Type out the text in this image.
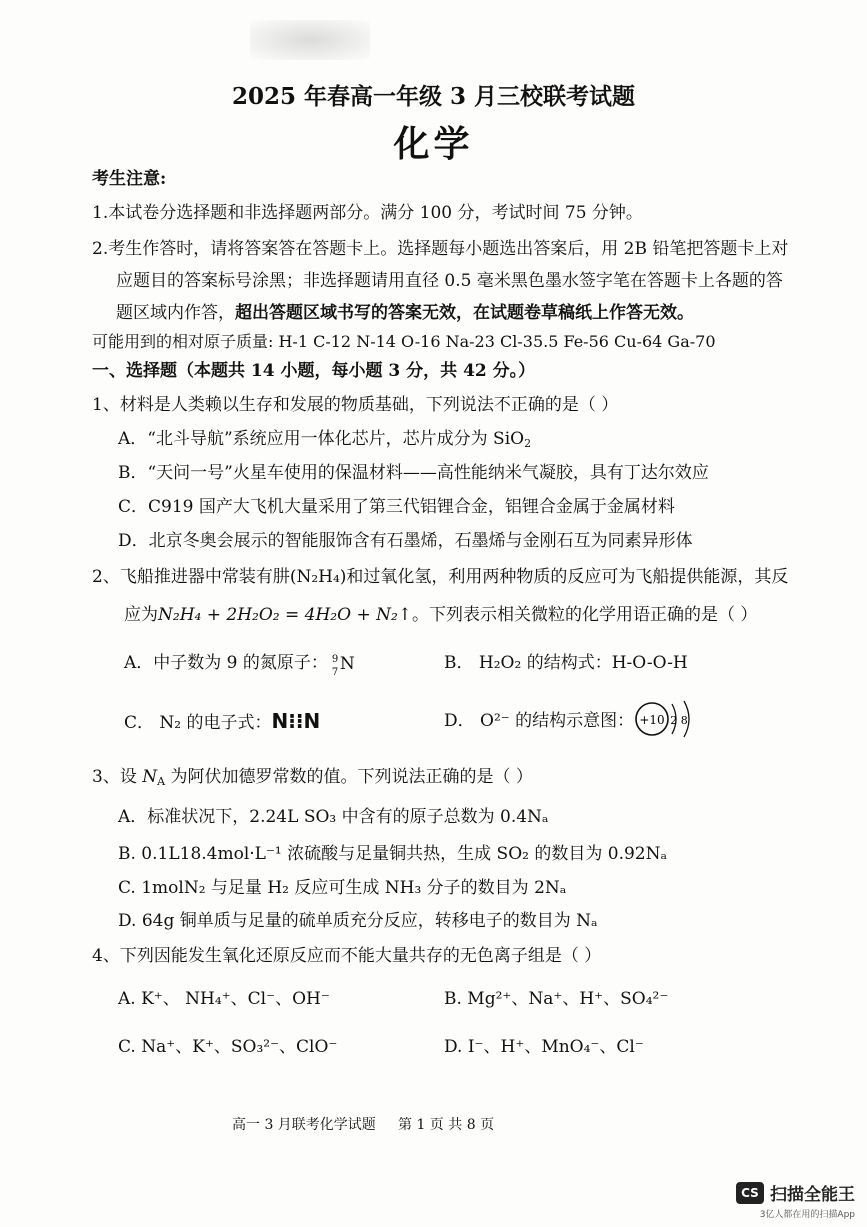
2025 年春高一年级 3 月三校联考试题
化学
考生注意:
1.本试卷分选择题和非选择题两部分。满分 100 分，考试时间 75 分钟。
2.考生作答时，请将答案答在答题卡上。选择题每小题选出答案后，用 2B 铅笔把答题卡上对
应题目的答案标号涂黑；非选择题请用直径 0.5 毫米黑色墨水签字笔在答题卡上各题的答
题区域内作答，超出答题区域书写的答案无效，在试题卷草稿纸上作答无效。
可能用到的相对原子质量: H-1 C-12 N-14 O-16 Na-23 Cl-35.5 Fe-56 Cu-64 Ga-70
一、选择题（本题共 14 小题，每小题 3 分，共 42 分。）
1、材料是人类赖以生存和发展的物质基础，下列说法不正确的是（ ）
A．“北斗导航”系统应用一体化芯片，芯片成分为 SiO$_2$
B．“天问一号”火星车使用的保温材料——高性能纳米气凝胶，具有丁达尔效应
C．C919 国产大飞机大量采用了第三代铝锂合金，铝锂合金属于金属材料
D．北京冬奥会展示的智能服饰含有石墨烯，石墨烯与金刚石互为同素异形体
2、飞船推进器中常装有肼(N₂H₄)和过氧化氢，利用两种物质的反应可为飞船提供能源，其反
应为N₂H₄ + 2H₂O₂ = 4H₂O + N₂↑。下列表示相关微粒的化学用语正确的是（ ）
A．中子数为 9 的氮原子： 9
7 N	B． H₂O₂ 的结构式：H-O-O-H
C． N₂ 的电子式：N⁝⁝N	D． O²⁻ 的结构示意图： +10 2 8
3、设 $N_A$ 为阿伏加德罗常数的值。下列说法正确的是（ ）
A．标准状况下，2.24L SO₃ 中含有的原子总数为 0.4Nₐ
B. 0.1L18.4mol·L⁻¹ 浓硫酸与足量铜共热，生成 SO₂ 的数目为 0.92Nₐ
C. 1molN₂ 与足量 H₂ 反应可生成 NH₃ 分子的数目为 2Nₐ
D. 64g 铜单质与足量的硫单质充分反应，转移电子的数目为 Nₐ
4、下列因能发生氧化还原反应而不能大量共存的无色离子组是（ ）
A. K⁺、 NH₄⁺、Cl⁻、OH⁻	B. Mg²⁺、Na⁺、H⁺、SO₄²⁻
C. Na⁺、K⁺、SO₃²⁻、ClO⁻	D. I⁻、H⁺、MnO₄⁻、Cl⁻
高一 3 月联考化学试题 第 1 页 共 8 页
CS 扫描全能王
3亿人都在用的扫描App
